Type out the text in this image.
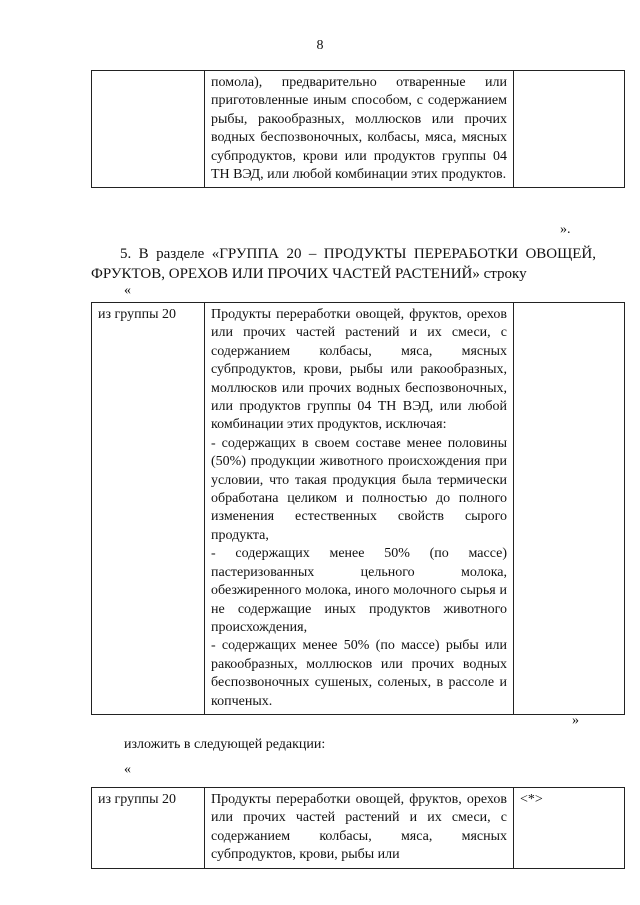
8
	помола), предварительно отваренные или приготовленные иным способом, с содержанием рыбы, ракообразных, моллюсков или прочих водных беспозвоночных, колбасы, мяса, мясных субпродуктов, крови или продуктов группы 04 ТН ВЭД, или любой комбинации этих продуктов.	
».
5. В разделе «ГРУППА 20 – ПРОДУКТЫ ПЕРЕРАБОТКИ ОВОЩЕЙ, ФРУКТОВ, ОРЕХОВ ИЛИ ПРОЧИХ ЧАСТЕЙ РАСТЕНИЙ» строку
«
из группы 20	Продукты переработки овощей, фруктов, орехов или прочих частей растений и их смеси, с содержанием колбасы, мяса, мясных субпродуктов, крови, рыбы или ракообразных, моллюсков или прочих водных беспозвоночных, или продуктов группы 04 ТН ВЭД, или любой комбинации этих продуктов, исключая:
- содержащих в своем составе менее половины (50%) продукции животного происхождения при условии, что такая продукция была термически обработана целиком и полностью до полного изменения естественных свойств сырого продукта,
- содержащих менее 50% (по массе) пастеризованных цельного молока, обезжиренного молока, иного молочного сырья и не содержащие иных продуктов животного происхождения,
- содержащих менее 50% (по массе) рыбы или ракообразных, моллюсков или прочих водных беспозвоночных сушеных, соленых, в рассоле и копченых.

»
изложить в следующей редакции:
«
из группы 20	Продукты переработки овощей, фруктов, орехов или прочих частей растений и их смеси, с содержанием колбасы, мяса, мясных субпродуктов, крови, рыбы или	<*>
